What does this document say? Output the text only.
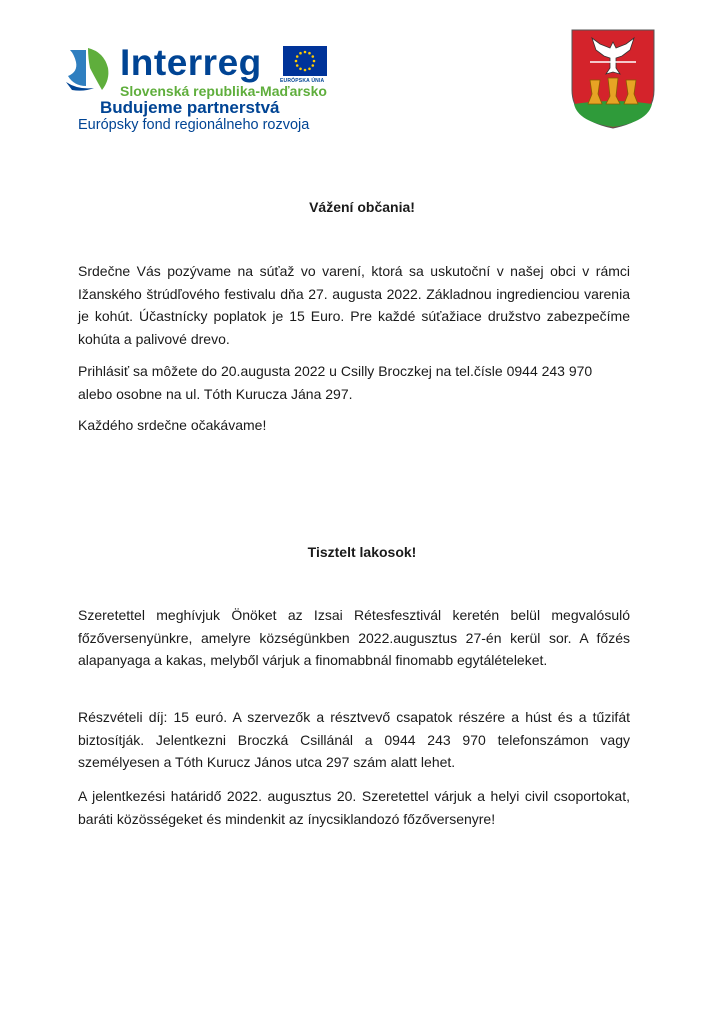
Interreg	EURÓPSKA ÚNIA
Slovenská republika-Maďarsko
Budujeme partnerstvá
Európsky fond regionálneho rozvoja
Vážení občania!

Srdečne Vás pozývame na súťaž vo varení, ktorá sa uskutoční v našej obci v rámci Ižanského štrúdľového festivalu dňa 27. augusta 2022. Základnou ingredienciou varenia je kohút. Účastnícky poplatok je 15 Euro. Pre každé súťažiace družstvo zabezpečíme kohúta a palivové drevo.

Prihlásiť sa môžete do 20.augusta 2022 u Csilly Broczkej na tel.čísle 0944 243 970 alebo osobne na ul. Tóth Kurucza Jána 297.

Každého srdečne očakávame!

Tisztelt lakosok!

Szeretettel meghívjuk Önöket az Izsai Rétesfesztivál keretén belül megvalósuló főzőversenyünkre, amelyre községünkben 2022.augusztus 27-én kerül sor. A főzés alapanyaga a kakas, melyből várjuk a finomabbnál finomabb egytálételeket.

Részvételi díj: 15 euró. A szervezők a résztvevő csapatok részére a húst és a tűzifát biztosítják. Jelentkezni Broczká Csillánál a 0944 243 970 telefonszámon vagy személyesen a Tóth Kurucz János utca 297 szám alatt lehet.

A jelentkezési határidő 2022. augusztus 20. Szeretettel várjuk a helyi civil csoportokat, baráti közösségeket és mindenkit az ínycsiklandozó főzőversenyre!
